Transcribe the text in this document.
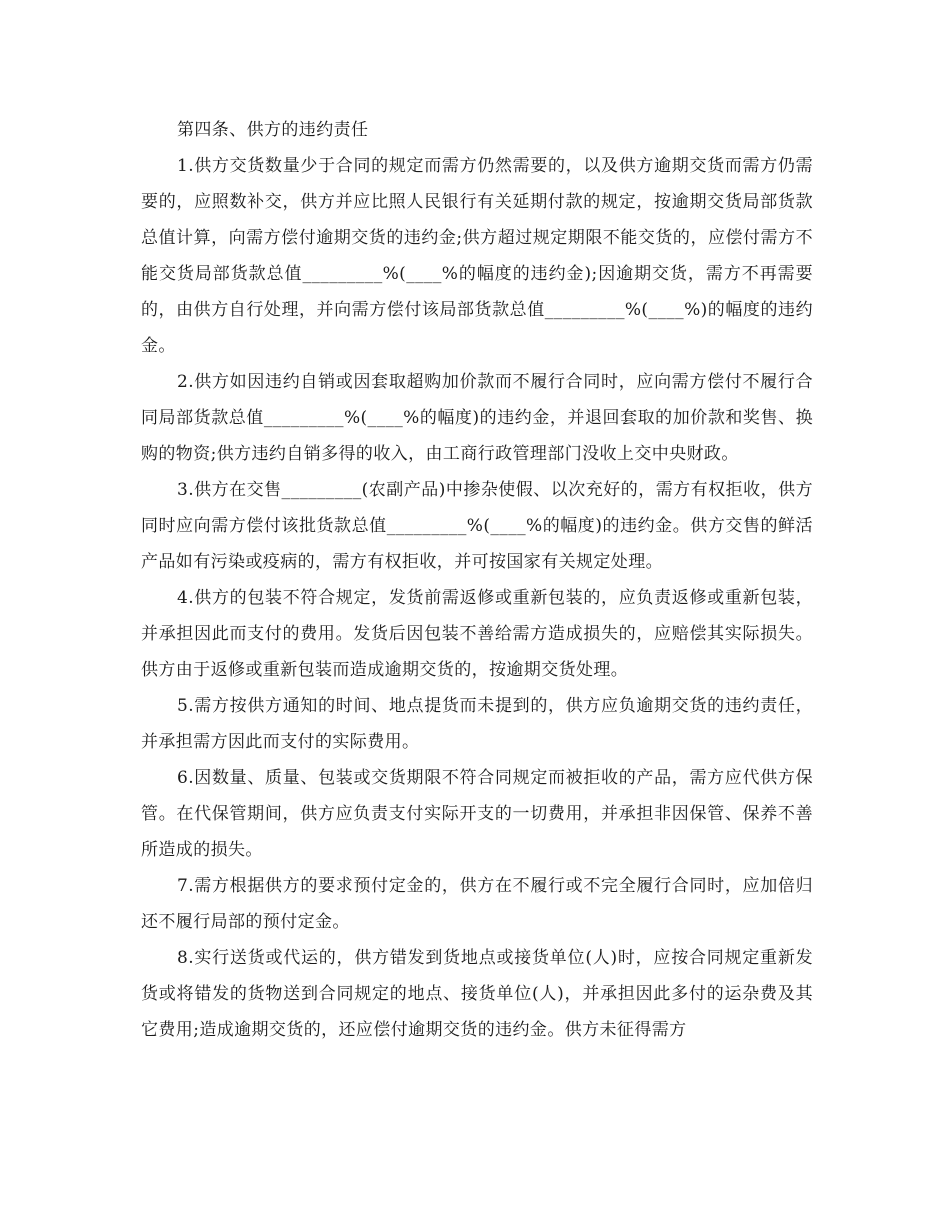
第四条、供方的违约责任

1.供方交货数量少于合同的规定而需方仍然需要的，以及供方逾期交货而需方仍需要的，应照数补交，供方并应比照人民银行有关延期付款的规定，按逾期交货局部货款总值计算，向需方偿付逾期交货的违约金;供方超过规定期限不能交货的，应偿付需方不能交货局部货款总值_________%(____%的幅度的违约金);因逾期交货，需方不再需要的，由供方自行处理，并向需方偿付该局部货款总值_________%(____%)的幅度的违约金。

2.供方如因违约自销或因套取超购加价款而不履行合同时，应向需方偿付不履行合同局部货款总值_________%(____%的幅度)的违约金，并退回套取的加价款和奖售、换购的物资;供方违约自销多得的收入，由工商行政管理部门没收上交中央财政。

3.供方在交售_________(农副产品)中掺杂使假、以次充好的，需方有权拒收，供方同时应向需方偿付该批货款总值_________%(____%的幅度)的违约金。供方交售的鲜活产品如有污染或疫病的，需方有权拒收，并可按国家有关规定处理。

4.供方的包装不符合规定，发货前需返修或重新包装的，应负责返修或重新包装，并承担因此而支付的费用。发货后因包装不善给需方造成损失的，应赔偿其实际损失。供方由于返修或重新包装而造成逾期交货的，按逾期交货处理。

5.需方按供方通知的时间、地点提货而未提到的，供方应负逾期交货的违约责任，并承担需方因此而支付的实际费用。

6.因数量、质量、包装或交货期限不符合同规定而被拒收的产品，需方应代供方保管。在代保管期间，供方应负责支付实际开支的一切费用，并承担非因保管、保养不善所造成的损失。

7.需方根据供方的要求预付定金的，供方在不履行或不完全履行合同时，应加倍归还不履行局部的预付定金。

8.实行送货或代运的，供方错发到货地点或接货单位(人)时，应按合同规定重新发货或将错发的货物送到合同规定的地点、接货单位(人)，并承担因此多付的运杂费及其它费用;造成逾期交货的，还应偿付逾期交货的违约金。供方未征得需方
